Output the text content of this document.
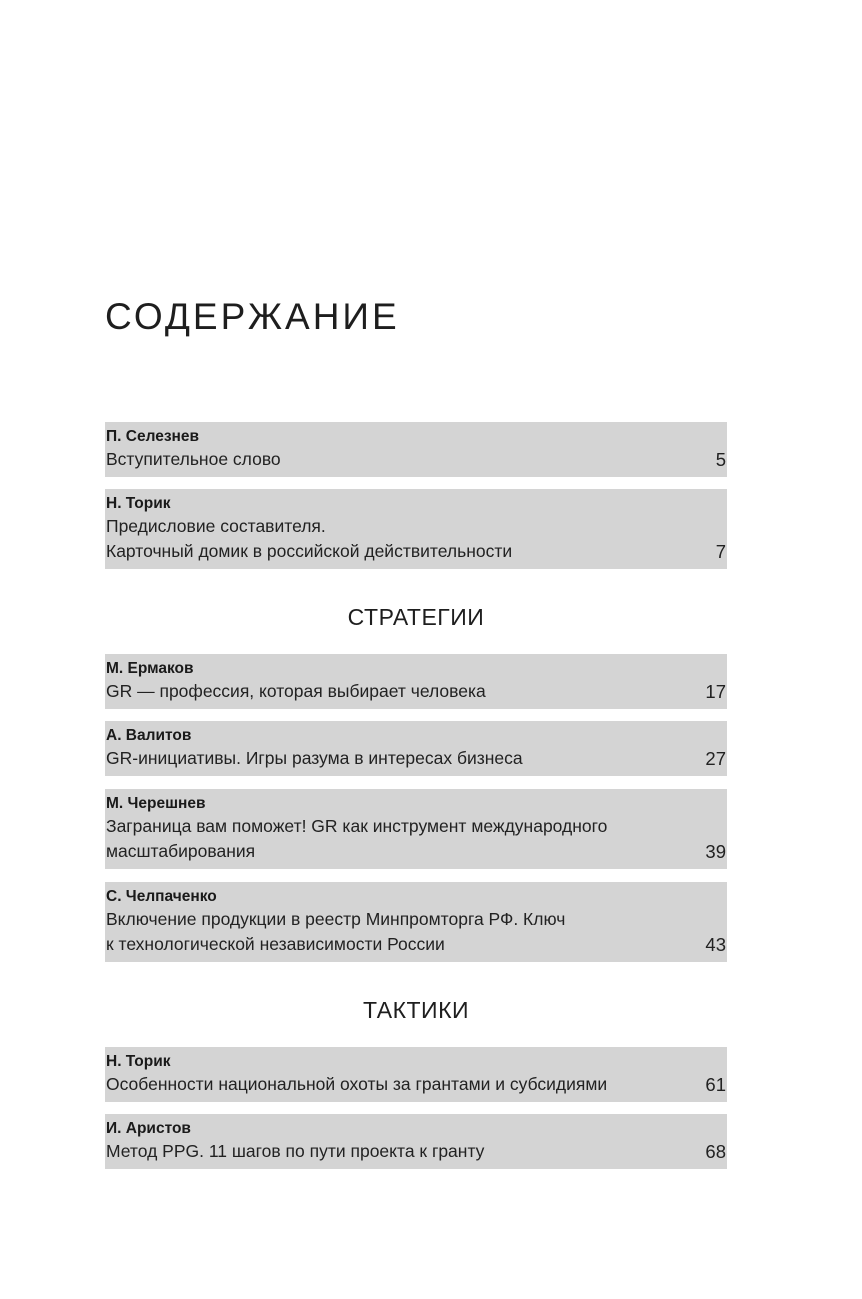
СОДЕРЖАНИЕ
П. Селезнев
Вступительное слово	5
Н. Торик
Предисловие составителя.
Карточный домик в российской действительности	7
СТРАТЕГИИ
М. Ермаков
GR — профессия, которая выбирает человека	17
А. Валитов
GR-инициативы. Игры разума в интересах бизнеса	27
М. Черешнев
Заграница вам поможет! GR как инструмент международного
масштабирования	39
С. Челпаченко
Включение продукции в реестр Минпромторга РФ. Ключ
к технологической независимости России	43
ТАКТИКИ
Н. Торик
Особенности национальной охоты за грантами и субсидиями	61
И. Аристов
Метод PPG. 11 шагов по пути проекта к гранту	68
